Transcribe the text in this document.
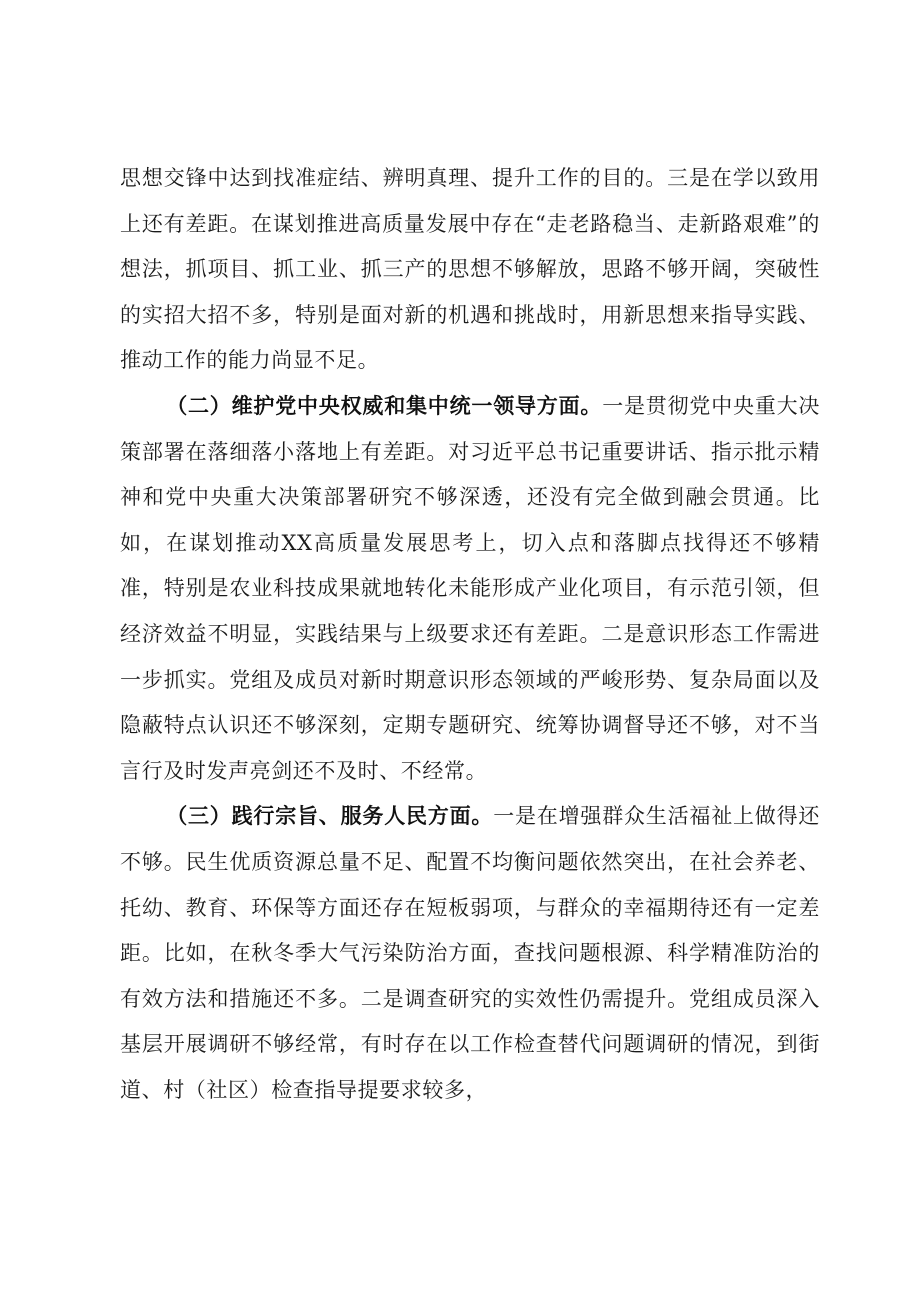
思想交锋中达到找准症结、辨明真理、提升工作的目的。三是在学以致用上还有差距。在谋划推进高质量发展中存在“走老路稳当、走新路艰难”的想法，抓项目、抓工业、抓三产的思想不够解放，思路不够开阔，突破性的实招大招不多，特别是面对新的机遇和挑战时，用新思想来指导实践、推动工作的能力尚显不足。

（二）维护党中央权威和集中统一领导方面。一是贯彻党中央重大决策部署在落细落小落地上有差距。对习近平总书记重要讲话、指示批示精神和党中央重大决策部署研究不够深透，还没有完全做到融会贯通。比如，在谋划推动XX高质量发展思考上，切入点和落脚点找得还不够精准，特别是农业科技成果就地转化未能形成产业化项目，有示范引领，但经济效益不明显，实践结果与上级要求还有差距。二是意识形态工作需进一步抓实。党组及成员对新时期意识形态领域的严峻形势、复杂局面以及隐蔽特点认识还不够深刻，定期专题研究、统筹协调督导还不够，对不当言行及时发声亮剑还不及时、不经常。

（三）践行宗旨、服务人民方面。一是在增强群众生活福祉上做得还不够。民生优质资源总量不足、配置不均衡问题依然突出，在社会养老、托幼、教育、环保等方面还存在短板弱项，与群众的幸福期待还有一定差距。比如，在秋冬季大气污染防治方面，查找问题根源、科学精准防治的有效方法和措施还不多。二是调查研究的实效性仍需提升。党组成员深入基层开展调研不够经常，有时存在以工作检查替代问题调研的情况，到街道、村（社区）检查指导提要求较多，
